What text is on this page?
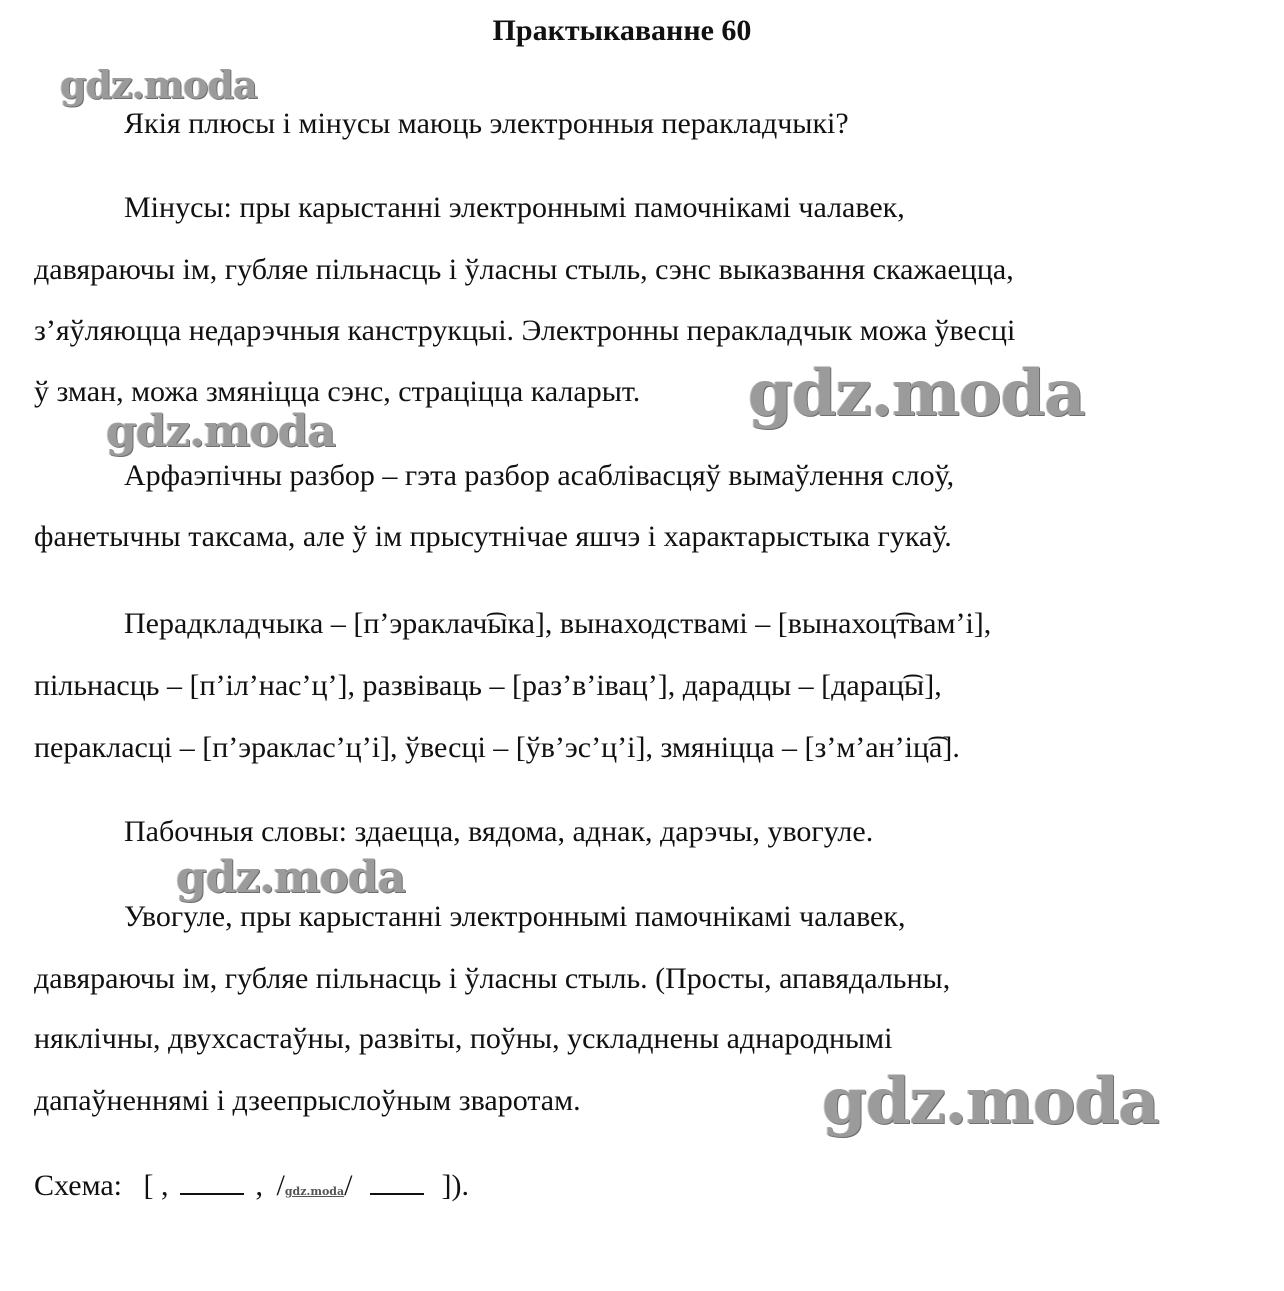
Практыкаванне 60
Якія плюсы і мінусы маюць электронныя перакладчыкі?
Мінусы: пры карыстанні электроннымі памочнікамі чалавек,
давяраючы ім, губляе пільнасць і ўласны стыль, сэнс выказвання скажаецца,
з’яўляюцца недарэчныя канструкцыі. Электронны перакладчык можа ўвесці
ў зман, можа змяніцца сэнс, страціцца каларыт.
Арфаэпічны разбор – гэта разбор асаблівасцяў вымаўлення слоў,
фанетычны таксама, але ў ім прысутнічае яшчэ і характарыстыка гукаў.
Перадкладчыка – [п’эраклач͡ыка], вынаходствамі – [вынахоц͡твам’і],
пільнасць – [п’іл’нас’ц’], развіваць – [раз’в’івац’], дарадцы – [дарац͡ы],
перакласці – [п’эраклас’ц’і], ўвесці – [ўв’эс’ц’і], змяніцца – [з’м’ан’іц͡а].
Пабочныя словы: здаецца, вядома, аднак, дарэчы, увогуле.
Увогуле, пры карыстанні электроннымі памочнікамі чалавек,
давяраючы ім, губляе пільнасць і ўласны стыль. (Просты, апавядальны,
няклічны, двухсастаўны, развіты, поўны, ускладнены аднароднымі
дапаўненнямі і дзеепрыслоўным зваротам.
Схема: [ ,	, /gdz.moda/	]).
gdz.moda
gdz.moda
gdz.moda
gdz.moda
gdz.moda
